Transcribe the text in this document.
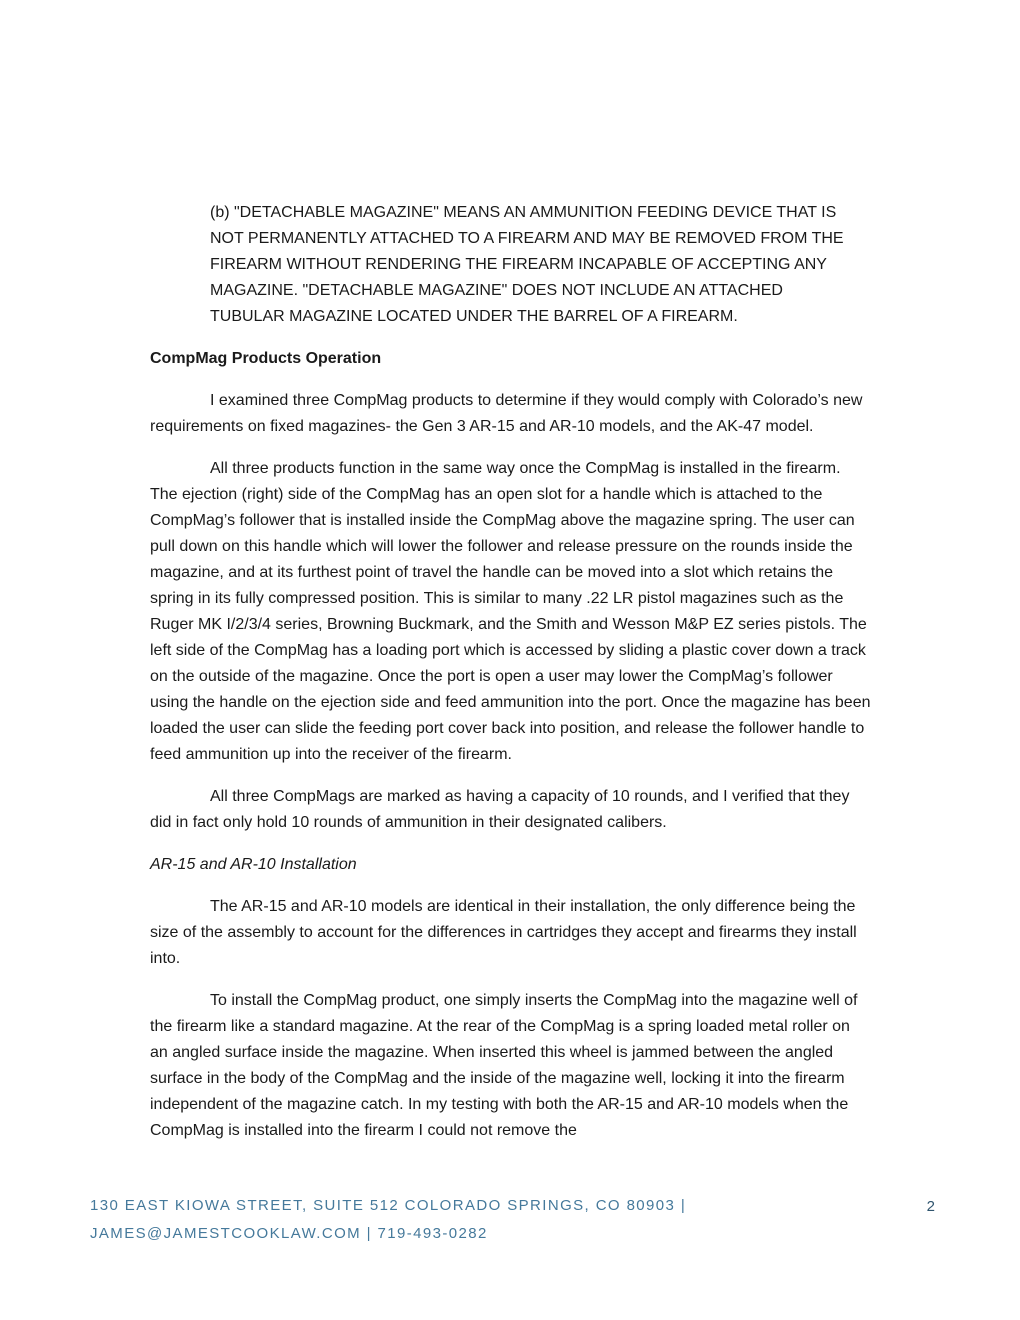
(b) "DETACHABLE MAGAZINE" MEANS AN AMMUNITION FEEDING DEVICE THAT IS
NOT PERMANENTLY ATTACHED TO A FIREARM AND MAY BE REMOVED FROM THE
FIREARM WITHOUT RENDERING THE FIREARM INCAPABLE OF ACCEPTING ANY
MAGAZINE. "DETACHABLE MAGAZINE" DOES NOT INCLUDE AN ATTACHED
TUBULAR MAGAZINE LOCATED UNDER THE BARREL OF A FIREARM.
CompMag Products Operation

I examined three CompMag products to determine if they would comply with Colorado’s new requirements on fixed magazines- the Gen 3 AR-15 and AR-10 models, and the AK-47 model.

All three products function in the same way once the CompMag is installed in the firearm. The ejection (right) side of the CompMag has an open slot for a handle which is attached to the CompMag’s follower that is installed inside the CompMag above the magazine spring. The user can pull down on this handle which will lower the follower and release pressure on the rounds inside the magazine, and at its furthest point of travel the handle can be moved into a slot which retains the spring in its fully compressed position. This is similar to many .22 LR pistol magazines such as the Ruger MK I/2/3/4 series, Browning Buckmark, and the Smith and Wesson M&P EZ series pistols. The left side of the CompMag has a loading port which is accessed by sliding a plastic cover down a track on the outside of the magazine. Once the port is open a user may lower the CompMag’s follower using the handle on the ejection side and feed ammunition into the port. Once the magazine has been loaded the user can slide the feeding port cover back into position, and release the follower handle to feed ammunition up into the receiver of the firearm.

All three CompMags are marked as having a capacity of 10 rounds, and I verified that they did in fact only hold 10 rounds of ammunition in their designated calibers.

AR-15 and AR-10 Installation

The AR-15 and AR-10 models are identical in their installation, the only difference being the size of the assembly to account for the differences in cartridges they accept and firearms they install into.

To install the CompMag product, one simply inserts the CompMag into the magazine well of the firearm like a standard magazine. At the rear of the CompMag is a spring loaded metal roller on an angled surface inside the magazine. When inserted this wheel is jammed between the angled surface in the body of the CompMag and the inside of the magazine well, locking it into the firearm independent of the magazine catch. In my testing with both the AR-15 and AR-10 models when the CompMag is installed into the firearm I could not remove the

130 EAST KIOWA STREET, SUITE 512 COLORADO SPRINGS, CO 80903 |
JAMES@JAMESTCOOKLAW.COM | 719-493-0282
2
